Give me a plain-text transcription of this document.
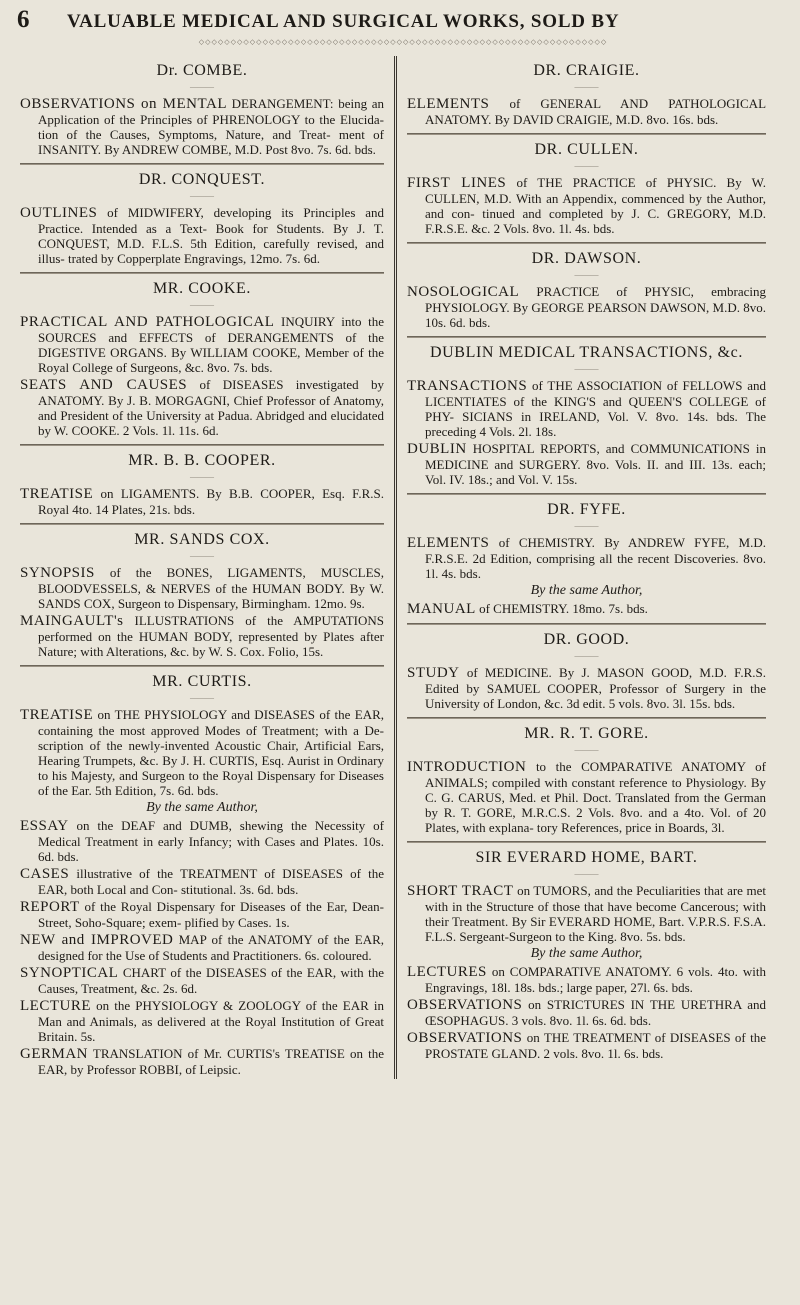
6	VALUABLE MEDICAL AND SURGICAL WORKS, SOLD BY
◇◇◇◇◇◇◇◇◇◇◇◇◇◇◇◇◇◇◇◇◇◇◇◇◇◇◇◇◇◇◇◇◇◇◇◇◇◇◇◇◇◇◇◇◇◇◇◇◇◇◇◇◇◇◇◇◇◇◇◇◇◇◇◇
Dr. COMBE.
———

OBSERVATIONS on MENTAL DERANGEMENT: being an Application of the Principles of PHRENOLOGY to the Elucida- tion of the Causes, Symptoms, Nature, and Treat- ment of INSANITY. By ANDREW COMBE, M.D. Post 8vo. 7s. 6d. bds.

DR. CONQUEST.
———

OUTLINES of MIDWIFERY, developing its Principles and Practice. Intended as a Text- Book for Students. By J. T. CONQUEST, M.D. F.L.S. 5th Edition, carefully revised, and illus- trated by Copperplate Engravings, 12mo. 7s. 6d.

MR. COOKE.
———

PRACTICAL AND PATHOLOGICAL INQUIRY into the SOURCES and EFFECTS of DERANGEMENTS of the DIGESTIVE ORGANS. By WILLIAM COOKE, Member of the Royal College of Surgeons, &c. 8vo. 7s. bds.

SEATS AND CAUSES of DISEASES investigated by ANATOMY. By J. B. MORGAGNI, Chief Professor of Anatomy, and President of the University at Padua. Abridged and elucidated by W. COOKE. 2 Vols. 1l. 11s. 6d.

MR. B. B. COOPER.
———

TREATISE on LIGAMENTS. By B.B. COOPER, Esq. F.R.S. Royal 4to. 14 Plates, 21s. bds.

MR. SANDS COX.
———

SYNOPSIS of the BONES, LIGAMENTS, MUSCLES, BLOODVESSELS, & NERVES of the HUMAN BODY. By W. SANDS COX, Surgeon to Dispensary, Birmingham. 12mo. 9s.

MAINGAULT's ILLUSTRATIONS of the AMPUTATIONS performed on the HUMAN BODY, represented by Plates after Nature; with Alterations, &c. by W. S. Cox. Folio, 15s.

MR. CURTIS.
———

TREATISE on THE PHYSIOLOGY and DISEASES of the EAR, containing the most approved Modes of Treatment; with a De- scription of the newly-invented Acoustic Chair, Artificial Ears, Hearing Trumpets, &c. By J. H. CURTIS, Esq. Aurist in Ordinary to his Majesty, and Surgeon to the Royal Dispensary for Diseases of the Ear. 5th Edition, 7s. 6d. bds.

By the same Author,

ESSAY on the DEAF and DUMB, shewing the Necessity of Medical Treatment in early Infancy; with Cases and Plates. 10s. 6d. bds.

CASES illustrative of the TREATMENT of DISEASES of the EAR, both Local and Con- stitutional. 3s. 6d. bds.

REPORT of the Royal Dispensary for Diseases of the Ear, Dean-Street, Soho-Square; exem- plified by Cases. 1s.

NEW and IMPROVED MAP of the ANATOMY of the EAR, designed for the Use of Students and Practitioners. 6s. coloured.

SYNOPTICAL CHART of the DISEASES of the EAR, with the Causes, Treatment, &c. 2s. 6d.

LECTURE on the PHYSIOLOGY & ZOOLOGY of the EAR in Man and Animals, as delivered at the Royal Institution of Great Britain. 5s.

GERMAN TRANSLATION of Mr. CURTIS's TREATISE on the EAR, by Professor ROBBI, of Leipsic.

DR. CRAIGIE.
———

ELEMENTS of GENERAL AND PATHOLOGICAL ANATOMY. By DAVID CRAIGIE, M.D. 8vo. 16s. bds.

DR. CULLEN.
———

FIRST LINES of THE PRACTICE of PHYSIC. By W. CULLEN, M.D. With an Appendix, commenced by the Author, and con- tinued and completed by J. C. GREGORY, M.D. F.R.S.E. &c. 2 Vols. 8vo. 1l. 4s. bds.

DR. DAWSON.
———

NOSOLOGICAL PRACTICE of PHYSIC, embracing PHYSIOLOGY. By GEORGE PEARSON DAWSON, M.D. 8vo. 10s. 6d. bds.

DUBLIN MEDICAL TRANSACTIONS, &c.
———

TRANSACTIONS of THE ASSOCIATION of FELLOWS and LICENTIATES of the KING'S and QUEEN'S COLLEGE of PHY- SICIANS in IRELAND, Vol. V. 8vo. 14s. bds. The preceding 4 Vols. 2l. 18s.

DUBLIN HOSPITAL REPORTS, and COMMUNICATIONS in MEDICINE and SURGERY. 8vo. Vols. II. and III. 13s. each; Vol. IV. 18s.; and Vol. V. 15s.

DR. FYFE.
———

ELEMENTS of CHEMISTRY. By ANDREW FYFE, M.D. F.R.S.E. 2d Edition, comprising all the recent Discoveries. 8vo. 1l. 4s. bds.

By the same Author,

MANUAL of CHEMISTRY. 18mo. 7s. bds.

DR. GOOD.
———

STUDY of MEDICINE. By J. MASON GOOD, M.D. F.R.S. Edited by SAMUEL COOPER, Professor of Surgery in the University of London, &c. 3d edit. 5 vols. 8vo. 3l. 15s. bds.

MR. R. T. GORE.
———

INTRODUCTION to the COMPARATIVE ANATOMY of ANIMALS; compiled with constant reference to Physiology. By C. G. CARUS, Med. et Phil. Doct. Translated from the German by R. T. GORE, M.R.C.S. 2 Vols. 8vo. and a 4to. Vol. of 20 Plates, with explana- tory References, price in Boards, 3l.

SIR EVERARD HOME, BART.
———

SHORT TRACT on TUMORS, and the Peculiarities that are met with in the Structure of those that have become Cancerous; with their Treatment. By Sir EVERARD HOME, Bart. V.P.R.S. F.S.A. F.L.S. Sergeant-Surgeon to the King. 8vo. 5s. bds.

By the same Author,

LECTURES on COMPARATIVE ANATOMY. 6 vols. 4to. with Engravings, 18l. 18s. bds.; large paper, 27l. 6s. bds.

OBSERVATIONS on STRICTURES IN THE URETHRA and ŒSOPHAGUS. 3 vols. 8vo. 1l. 6s. 6d. bds.

OBSERVATIONS on THE TREATMENT of DISEASES of the PROSTATE GLAND. 2 vols. 8vo. 1l. 6s. bds.
